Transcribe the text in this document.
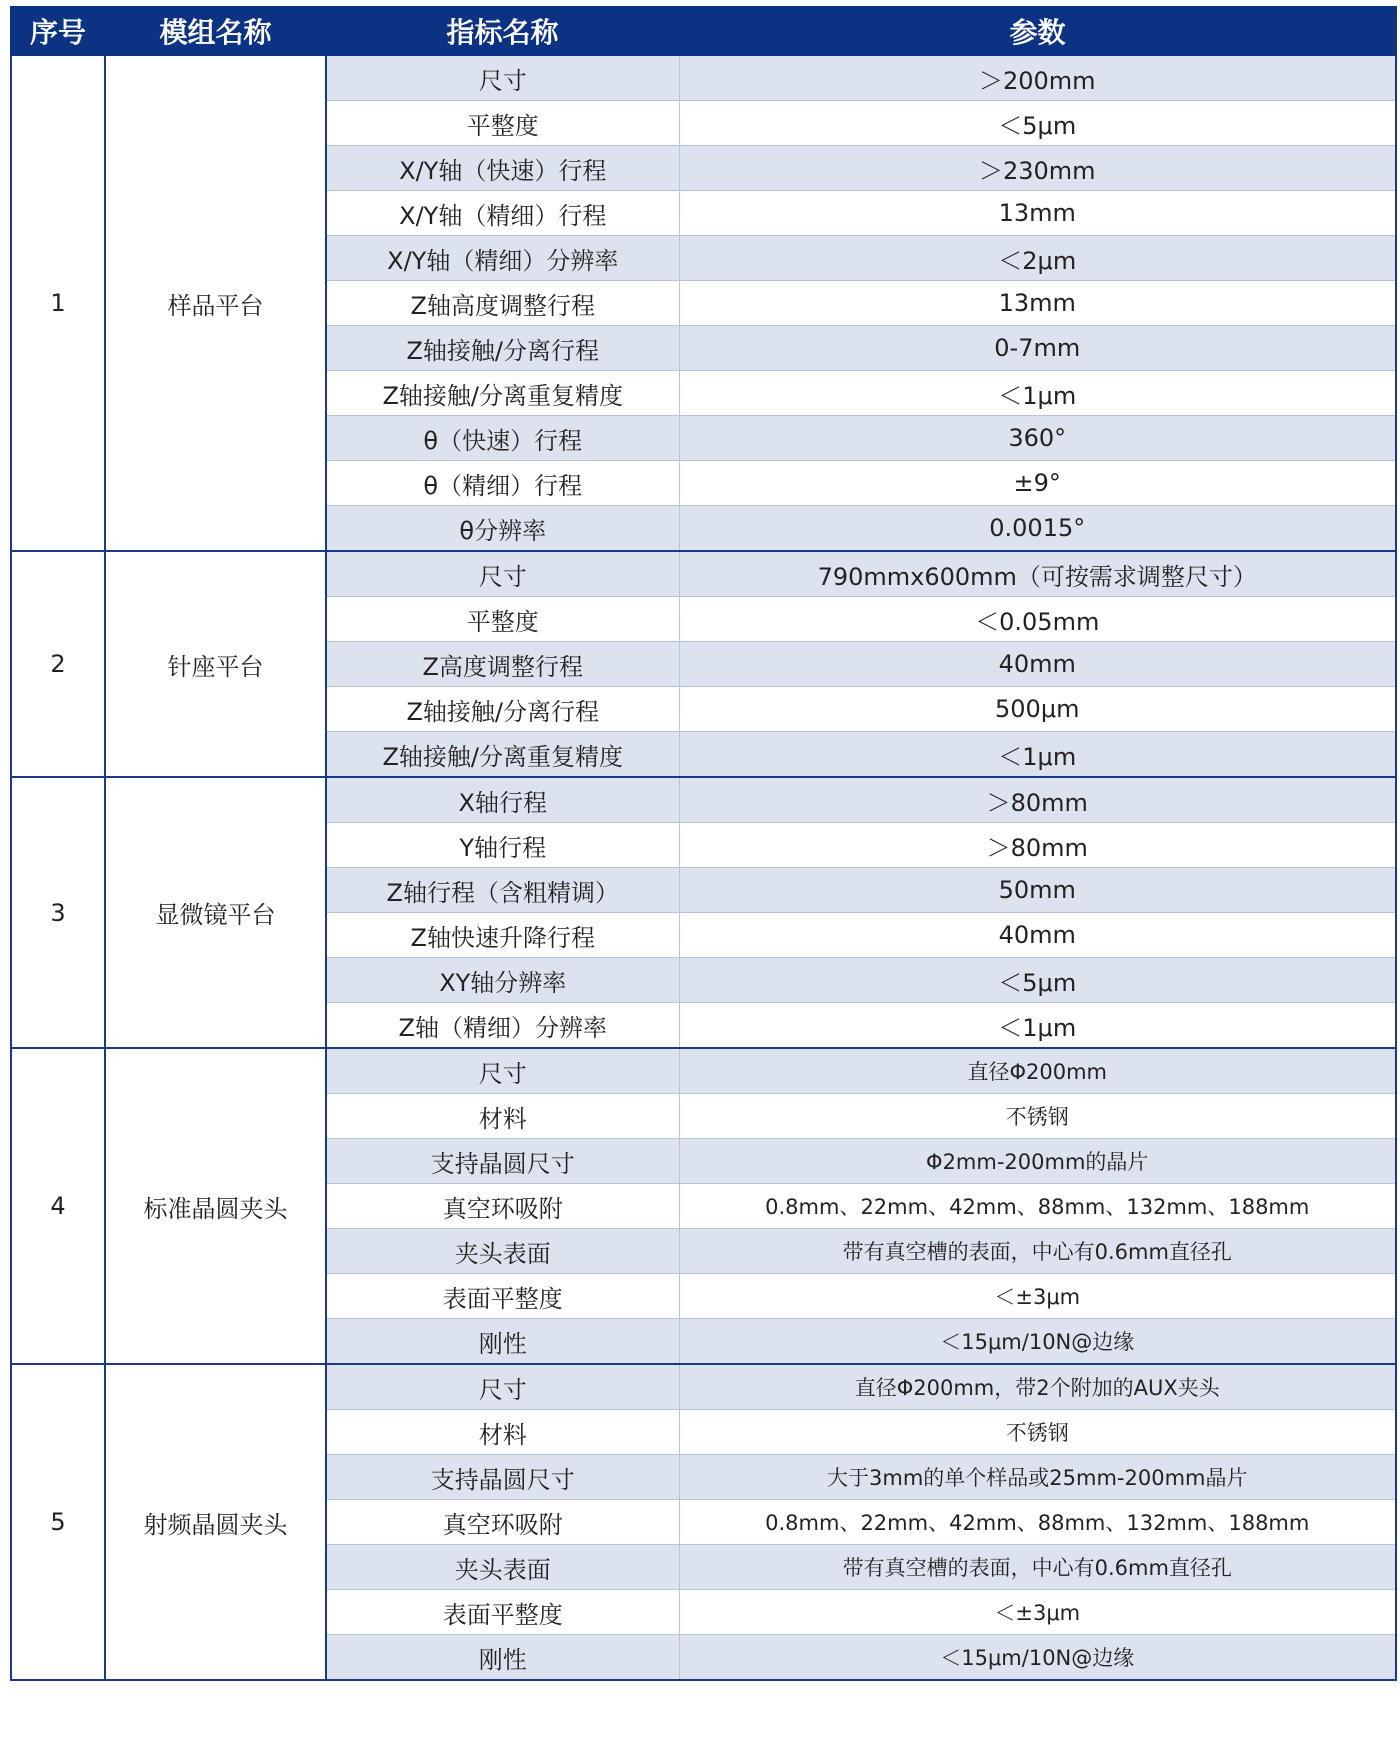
序号	模组名称	指标名称	参数
1	样品平台	尺寸	＞200mm
		平整度	＜5μm
		X/Y轴（快速）行程	＞230mm
		X/Y轴（精细）行程	13mm
		X/Y轴（精细）分辨率	＜2μm
		Z轴高度调整行程	13mm
		Z轴接触/分离行程	0-7mm
		Z轴接触/分离重复精度	＜1μm
		θ（快速）行程	360°
		θ（精细）行程	±9°
		θ分辨率	0.0015°
2	针座平台	尺寸	790mmx600mm（可按需求调整尺寸）
		平整度	＜0.05mm
		Z高度调整行程	40mm
		Z轴接触/分离行程	500μm
		Z轴接触/分离重复精度	＜1μm
3	显微镜平台	X轴行程	＞80mm
		Y轴行程	＞80mm
		Z轴行程（含粗精调）	50mm
		Z轴快速升降行程	40mm
		XY轴分辨率	＜5μm
		Z轴（精细）分辨率	＜1μm
4	标准晶圆夹头	尺寸	直径Φ200mm
		材料	不锈钢
		支持晶圆尺寸	Φ2mm-200mm的晶片
		真空环吸附	0.8mm、22mm、42mm、88mm、132mm、188mm
		夹头表面	带有真空槽的表面，中心有0.6mm直径孔
		表面平整度	＜±3μm
		刚性	＜15μm/10N@边缘
5	射频晶圆夹头	尺寸	直径Φ200mm，带2个附加的AUX夹头
		材料	不锈钢
		支持晶圆尺寸	大于3mm的单个样品或25mm-200mm晶片
		真空环吸附	0.8mm、22mm、42mm、88mm、132mm、188mm
		夹头表面	带有真空槽的表面，中心有0.6mm直径孔
		表面平整度	＜±3μm
		刚性	＜15μm/10N@边缘
